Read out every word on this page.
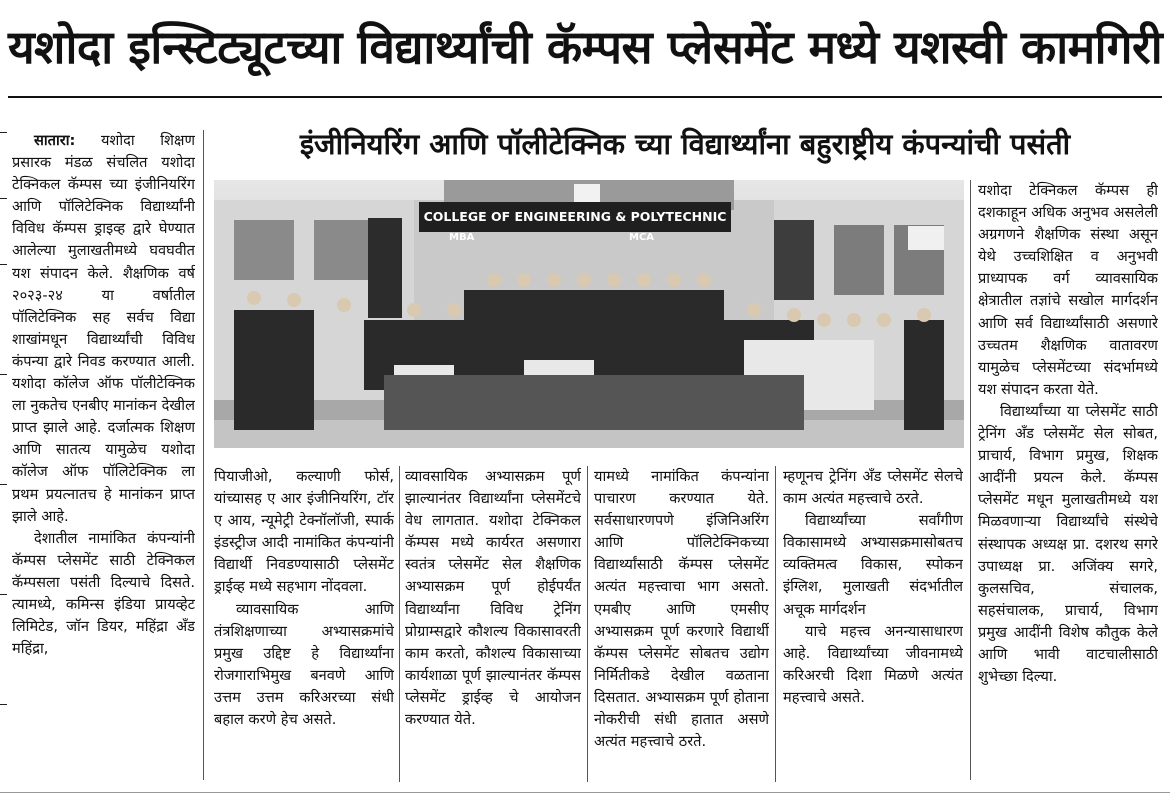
यशोदा इन्स्टिट्यूटच्या विद्यार्थ्यांची कॅम्पस प्लेसमेंट मध्ये यशस्वी कामगिरी
इंजीनियरिंग आणि पॉलीटेक्निक च्या विद्यार्थ्यांना बहुराष्ट्रीय कंपन्यांची पसंती

सातारा: यशोदा शिक्षण प्रसारक मंडळ संचलित यशोदा टेक्निकल कॅम्पस च्या इंजीनियरिंग आणि पॉलिटेक्निक विद्यार्थ्यांनी विविध कॅम्पस ड्राइव्ह द्वारे घेण्यात आलेल्या मुलाखतीमध्ये घवघवीत यश संपादन केले. शैक्षणिक वर्ष २०२३-२४ या वर्षातील पॉलिटेक्निक सह सर्वच विद्या शाखांमधून विद्यार्थ्यांची विविध कंपन्या द्वारे निवड करण्यात आली. यशोदा कॉलेज ऑफ पॉलीटेक्निक ला नुकतेच एनबीए मानांकन देखील प्राप्त झाले आहे. दर्जात्मक शिक्षण आणि सातत्य यामुळेच यशोदा कॉलेज ऑफ पॉलिटेक्निक ला प्रथम प्रयत्नातच हे मानांकन प्राप्त झाले आहे.

देशातील नामांकित कंपन्यांनी कॅम्पस प्लेसमेंट साठी टेक्निकल कॅम्पसला पसंती दिल्याचे दिसते. त्यामध्ये, कमिन्स इंडिया प्रायव्हेट लिमिटेड, जॉन डियर, महिंद्रा अँड महिंद्रा,

COLLEGE OF ENGINEERING & POLYTECHNIC
MBA	MCA

यशोदा टेक्निकल कॅम्पस ही दशकाहून अधिक अनुभव असलेली अग्रगणने शैक्षणिक संस्था असून येथे उच्चशिक्षित व अनुभवी प्राध्यापक वर्ग व्यावसायिक क्षेत्रातील तज्ञांचे सखोल मार्गदर्शन आणि सर्व विद्यार्थ्यांसाठी असणारे उच्चतम शैक्षणिक वातावरण यामुळेच प्लेसमेंटच्या संदर्भामध्ये यश संपादन करता येते.

विद्यार्थ्यांच्या या प्लेसमेंट साठी ट्रेनिंग अँड प्लेसमेंट सेल सोबत, प्राचार्य, विभाग प्रमुख, शिक्षक आदींनी प्रयत्न केले. कॅम्पस प्लेसमेंट मधून मुलाखतीमध्ये यश मिळवणाऱ्या विद्यार्थ्यांचे संस्थेचे संस्थापक अध्यक्ष प्रा. दशरथ सगरे उपाध्यक्ष प्रा. अजिंक्य सगरे, कुलसचिव, संचालक, सहसंचालक, प्राचार्य, विभाग प्रमुख आदींनी विशेष कौतुक केले आणि भावी वाटचालीसाठी शुभेच्छा दिल्या.

पियाजीओ, कल्याणी फोर्स, यांच्यासह ए आर इंजीनियरिंग, टॉर ए आय, न्यूमेट्री टेक्नॉलॉजी, स्पार्क इंडस्ट्रीज आदी नामांकित कंपन्यांनी विद्यार्थी निवडण्यासाठी प्लेसमेंट ड्राईव्ह मध्ये सहभाग नोंदवला.

व्यावसायिक आणि तंत्रशिक्षणाच्या अभ्यासक्रमांचे प्रमुख उद्दिष्ट हे विद्यार्थ्यांना रोजगाराभिमुख बनवणे आणि उत्तम उत्तम करिअरच्या संधी बहाल करणे हेच असते.

व्यावसायिक अभ्यासक्रम पूर्ण झाल्यानंतर विद्यार्थ्यांना प्लेसमेंटचे वेध लागतात. यशोदा टेक्निकल कॅम्पस मध्ये कार्यरत असणारा स्वतंत्र प्लेसमेंट सेल शैक्षणिक अभ्यासक्रम पूर्ण होईपर्यंत विद्यार्थ्यांना विविध ट्रेनिंग प्रोग्राम्सद्वारे कौशल्य विकासावरती काम करतो, कौशल्य विकासाच्या कार्यशाळा पूर्ण झाल्यानंतर कॅम्पस प्लेसमेंट ड्राईव्ह चे आयोजन करण्यात येते.

यामध्ये नामांकित कंपन्यांना पाचारण करण्यात येते. सर्वसाधारणपणे इंजिनिअरिंग आणि पॉलिटेक्निकच्या विद्यार्थ्यांसाठी कॅम्पस प्लेसमेंट अत्यंत महत्त्वाचा भाग असतो. एमबीए आणि एमसीए अभ्यासक्रम पूर्ण करणारे विद्यार्थी कॅम्पस प्लेसमेंट सोबतच उद्योग निर्मितीकडे देखील वळताना दिसतात. अभ्यासक्रम पूर्ण होताना नोकरीची संधी हातात असणे अत्यंत महत्त्वाचे ठरते.

म्हणूनच ट्रेनिंग अँड प्लेसमेंट सेलचे काम अत्यंत महत्त्वाचे ठरते.

विद्यार्थ्यांच्या सर्वांगीण विकासामध्ये अभ्यासक्रमासोबतच व्यक्तिमत्व विकास, स्पोकन इंग्लिश, मुलाखती संदर्भातील अचूक मार्गदर्शन

याचे महत्त्व अनन्यासाधारण आहे. विद्यार्थ्यांच्या जीवनामध्ये करिअरची दिशा मिळणे अत्यंत महत्त्वाचे असते.
